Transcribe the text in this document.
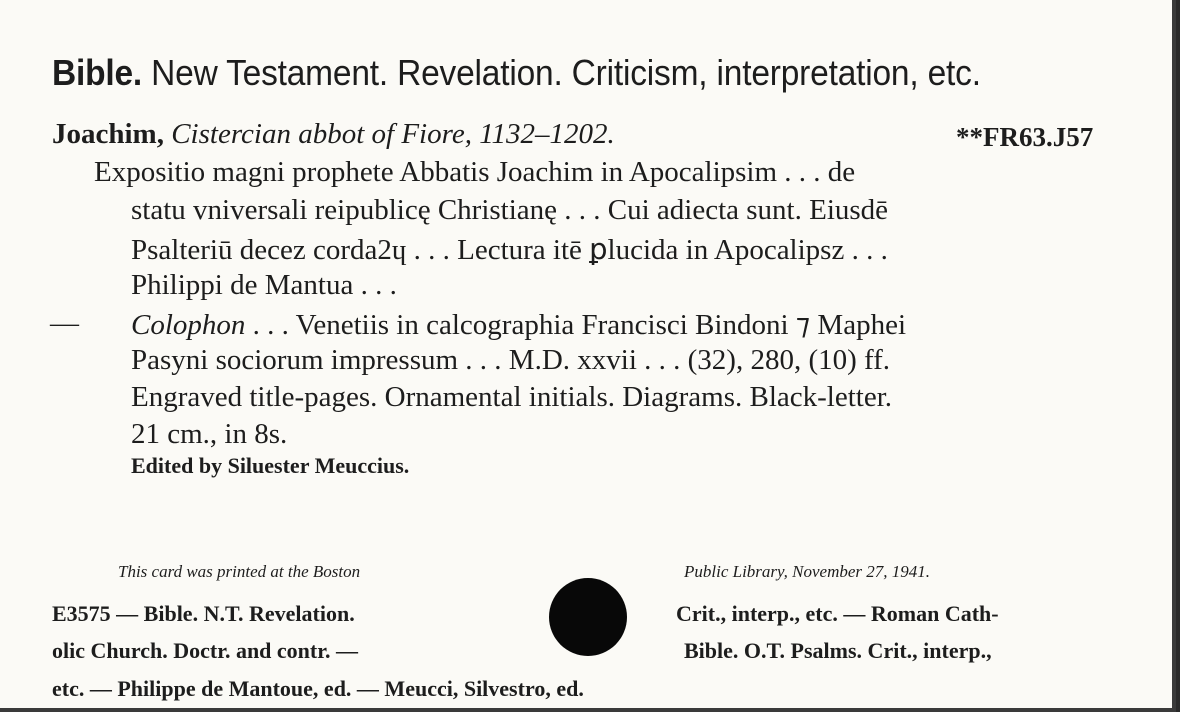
Bible. New Testament. Revelation. Criticism, interpretation, etc.
Joachim, Cistercian abbot of Fiore, 1132–1202.	**FR63.J57
Expositio magni prophete Abbatis Joachim in Apocalipsim . . . de
statu vniversali reipublicę Christianę . . . Cui adiecta sunt. Eiusdē
Psalteriū decez corda2ɥ . . . Lectura itē ꝑlucida in Apocalipsz . . .
Philippi de Mantua . . .
— Colophon . . . Venetiis in calcographia Francisci Bindoni ⁊ Maphei
Pasyni sociorum impressum . . . M.D. xxvii . . . (32), 280, (10) ff.
Engraved title-pages. Ornamental initials. Diagrams. Black-letter.
21 cm., in 8s.
Edited by Siluester Meuccius.
This card was printed at the Boston	Public Library, November 27, 1941.
E3575 — Bible. N.T. Revelation.
olic Church. Doctr. and contr. —
Crit., interp., etc. — Roman Cath-
Bible. O.T. Psalms. Crit., interp.,
etc. — Philippe de Mantoue, ed. — Meucci, Silvestro, ed.
